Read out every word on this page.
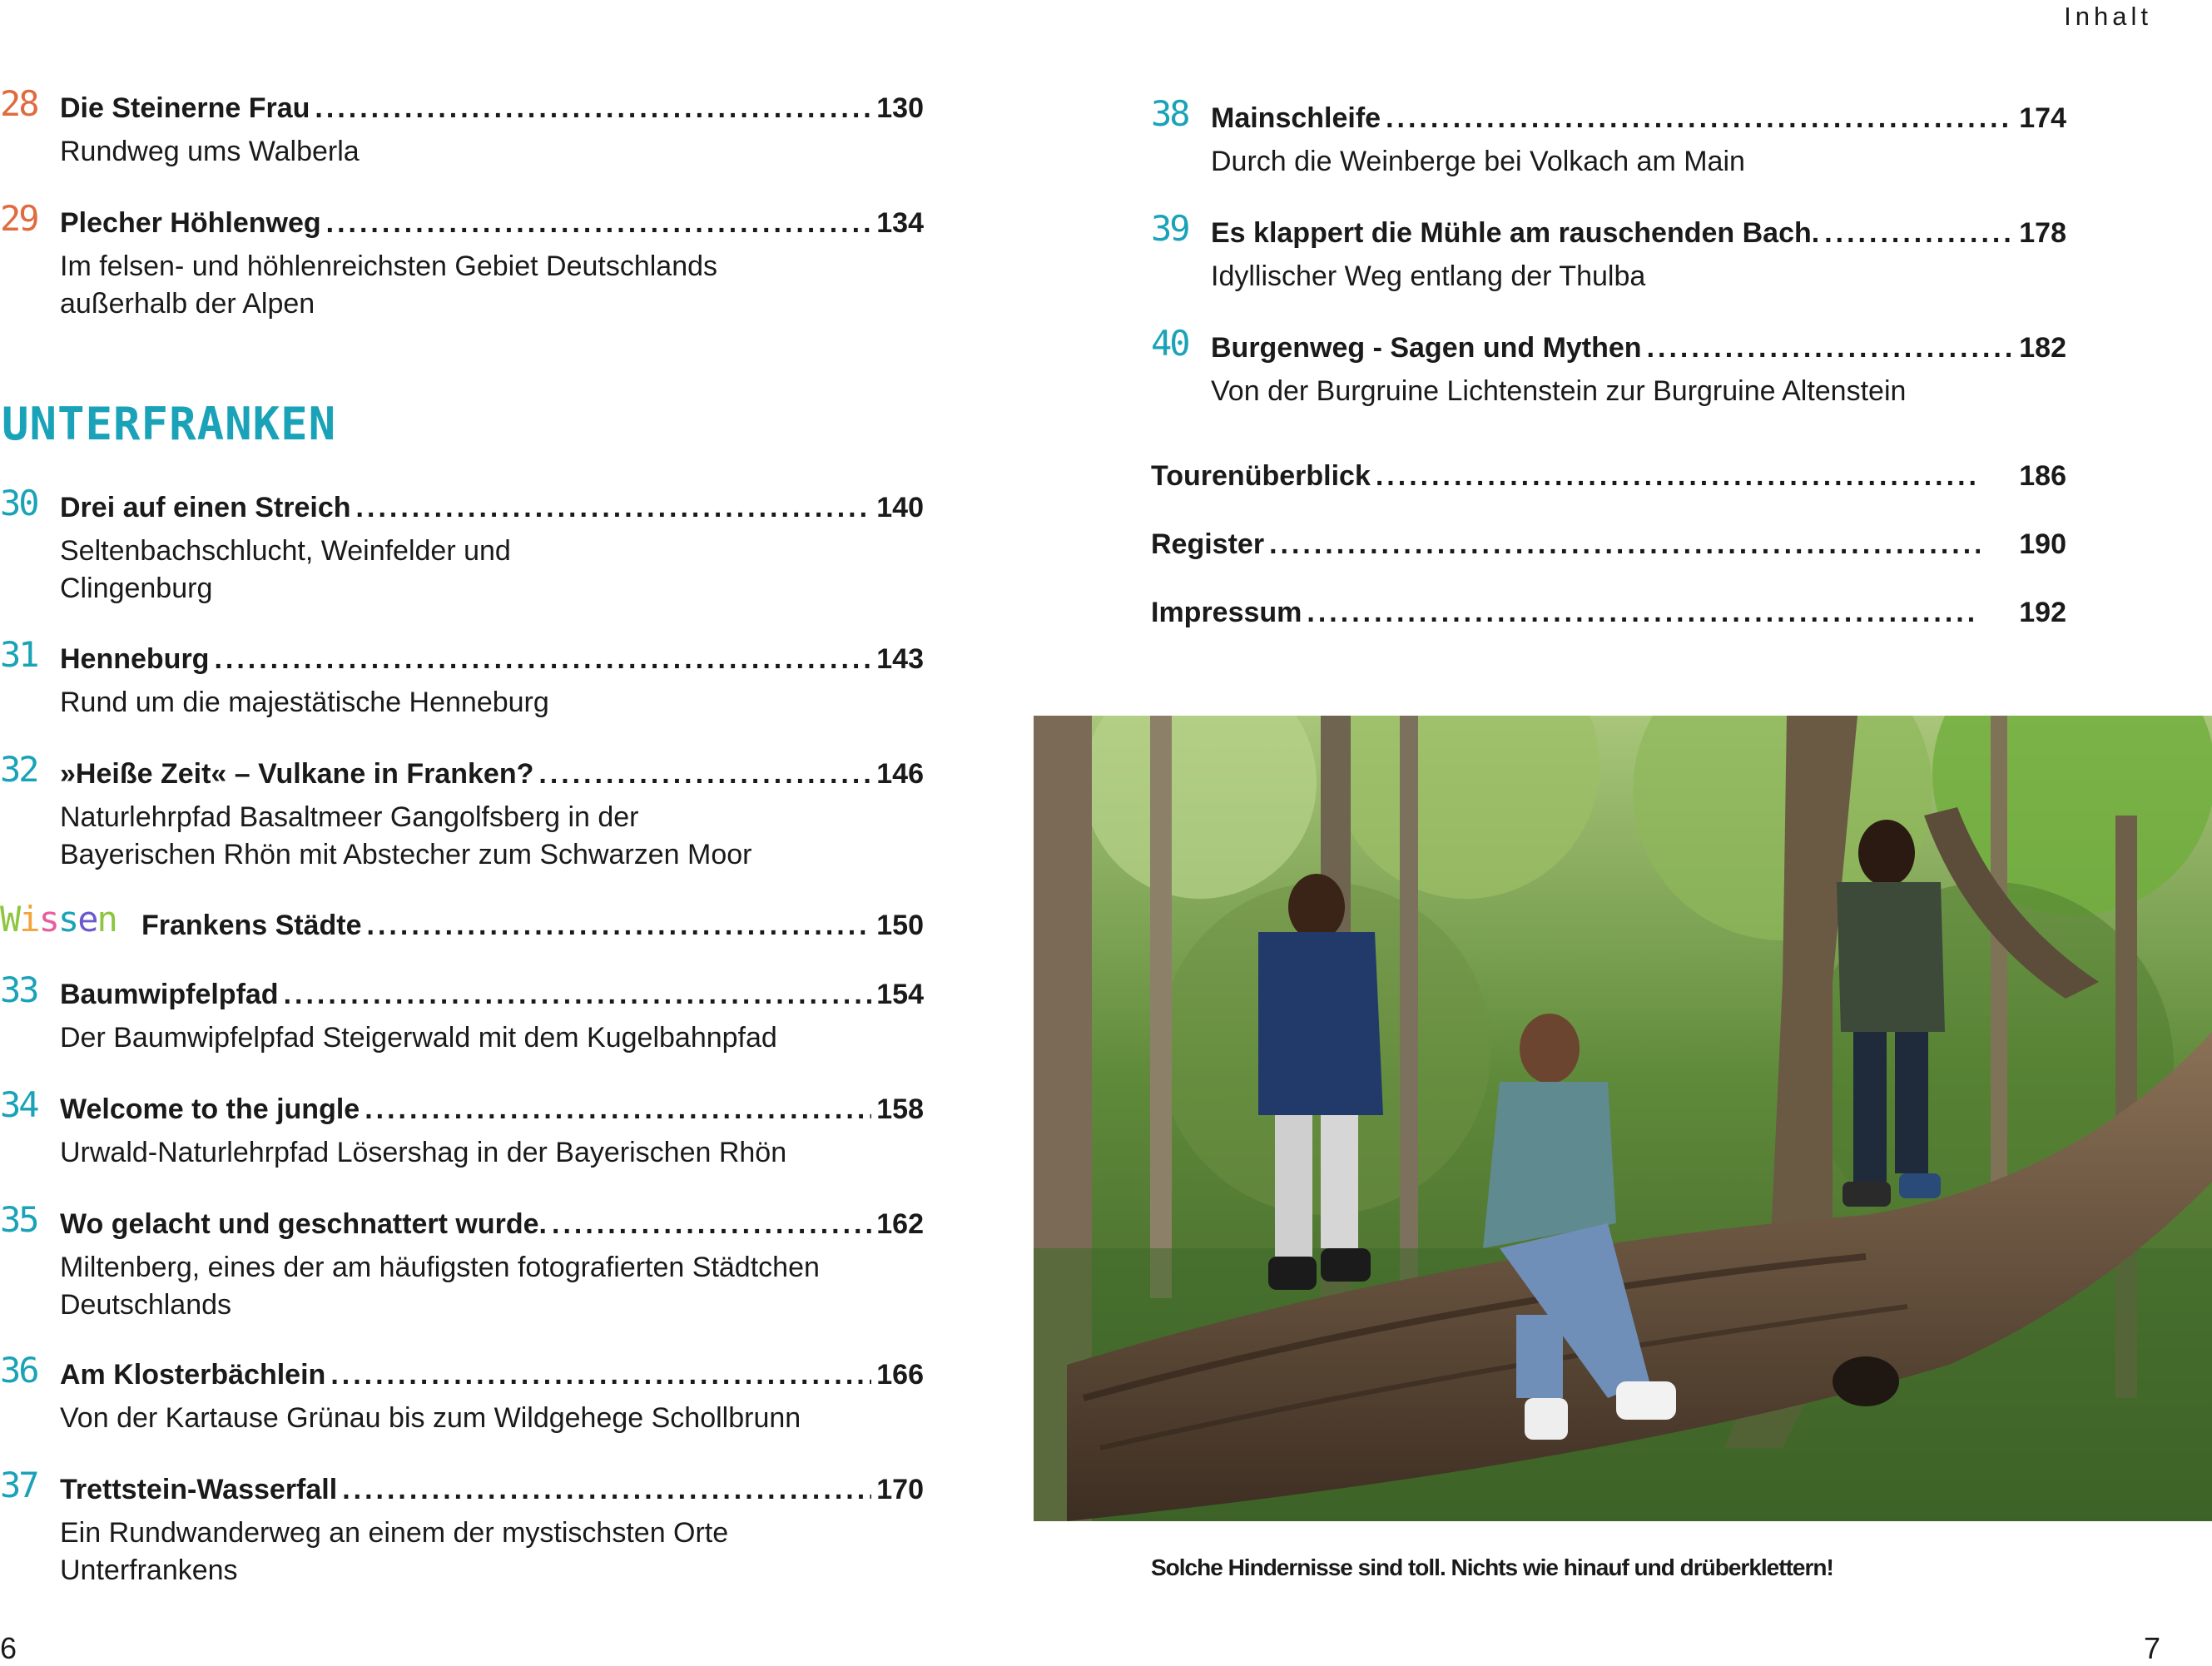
Inhalt
28 Die Steinerne Frau .....	130
Rundweg ums Walberla
29 Plecher Höhlenweg .....	134
Im felsen- und höhlenreichsten Gebiet Deutschlands
außerhalb der Alpen
UNTERFRANKEN
30 Drei auf einen Streich .....	140
Seltenbachschlucht, Weinfelder und
Clingenburg
31 Henneburg .....	143
Rund um die majestätische Henneburg
32 »Heiße Zeit« – Vulkane in Franken? .....	146
Naturlehrpfad Basaltmeer Gangolfsberg in der
Bayerischen Rhön mit Abstecher zum Schwarzen Moor
Wissen Frankens Städte .....	150
33 Baumwipfelpfad .....	154
Der Baumwipfelpfad Steigerwald mit dem Kugelbahnpfad
34 Welcome to the jungle .....	158
Urwald-Naturlehrpfad Lösershag in der Bayerischen Rhön
35 Wo gelacht und geschnattert wurde. .....	162
Miltenberg, eines der am häufigsten fotografierten Städtchen
Deutschlands
36 Am Klosterbächlein .....	166
Von der Kartause Grünau bis zum Wildgehege Schollbrunn
37 Trettstein-Wasserfall .....	170
Ein Rundwanderweg an einem der mystischsten Orte
Unterfrankens
38 Mainschleife .....	174
Durch die Weinberge bei Volkach am Main
39 Es klappert die Mühle am rauschenden Bach. .....	178
Idyllischer Weg entlang der Thulba
40 Burgenweg - Sagen und Mythen .....	182
Von der Burgruine Lichtenstein zur Burgruine Altenstein
Tourenüberblick .....	186
Register .....	190
Impressum .....	192
Solche Hindernisse sind toll. Nichts wie hinauf und drüberklettern!
6	7
